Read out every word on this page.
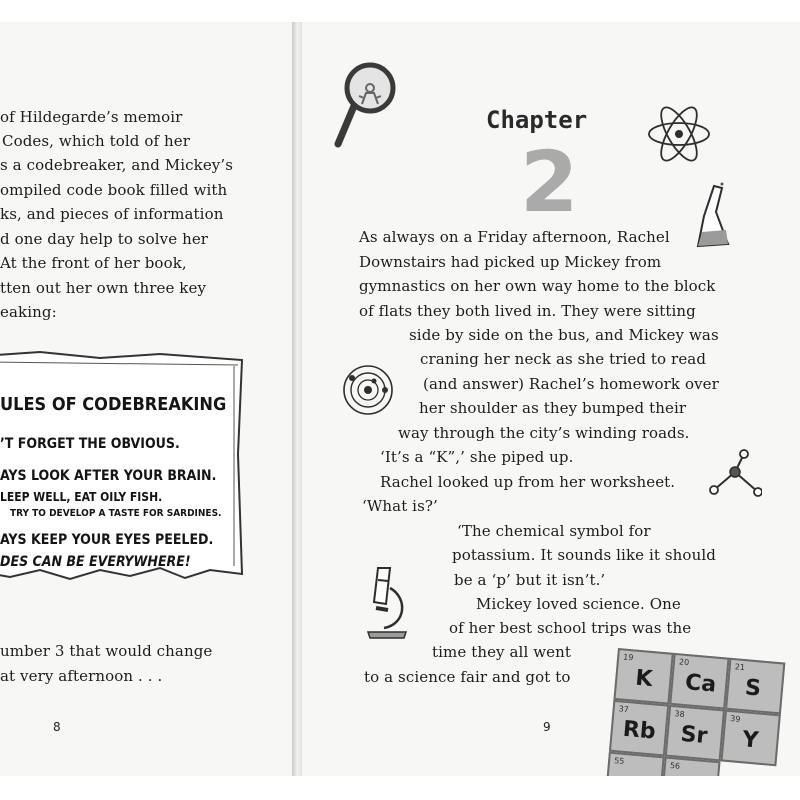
of Hildegarde’s memoir
Codes, which told of her
s a codebreaker, and Mickey’s
ompiled code book filled with
ks, and pieces of information
d one day help to solve her
At the front of her book,
tten out her own three key
eaking:
ULES OF CODEBREAKING
’T FORGET THE OBVIOUS.
AYS LOOK AFTER YOUR BRAIN.
LEEP WELL, EAT OILY FISH.
TRY TO DEVELOP A TASTE FOR SARDINES.
AYS KEEP YOUR EYES PEELED.
DES CAN BE EVERYWHERE!
umber 3 that would change
at very afternoon . . .
8
Chapter
2
As always on a Friday afternoon, Rachel
Downstairs had picked up Mickey from
gymnastics on her own way home to the block
of flats they both lived in. They were sitting
side by side on the bus, and Mickey was
craning her neck as she tried to read
(and answer) Rachel’s homework over
her shoulder as they bumped their
way through the city’s winding roads.
‘It’s a “K”,’ she piped up.
Rachel looked up from her worksheet.
‘What is?’
‘The chemical symbol for
potassium. It sounds like it should
be a ‘p’ but it isn’t.’
Mickey loved science. One
of her best school trips was the
time they all went
to a science fair and got to
9
19
K
20
Ca
21
S
37
Rb
38
Sr
39
Y
55	56
